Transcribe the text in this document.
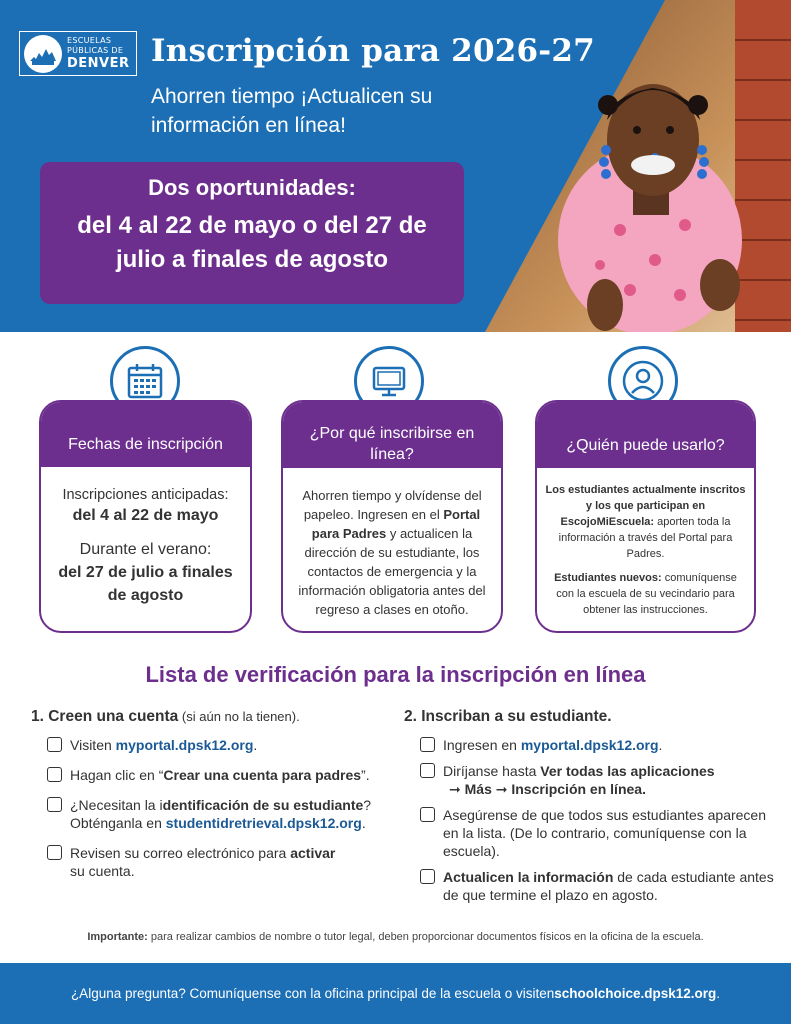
ESCUELAS
PÚBLICAS DE
DENVER Inscripción para 2026-27
Ahorren tiempo ¡Actualicen su información en línea!
Dos oportunidades:
del 4 al 22 de mayo o del 27 de julio a finales de agosto
Fechas de inscripción
Inscripciones anticipadas:
del 4 al 22 de mayo
Durante el verano:
del 27 de julio a finales de agosto
¿Por qué inscribirse en línea?
Ahorren tiempo y olvídense del papeleo. Ingresen en el Portal para Padres y actualicen la dirección de su estudiante, los contactos de emergencia y la información obligatoria antes del regreso a clases en otoño.
¿Quién puede usarlo?

Los estudiantes actualmente inscritos y los que participan en EscojoMiEscuela: aporten toda la información a través del Portal para Padres.

Estudiantes nuevos: comuníquense con la escuela de su vecindario para obtener las instrucciones.

Lista de verificación para la inscripción en línea
1. Creen una cuenta (si aún no la tienen).
Visiten myportal.dpsk12.org.
Hagan clic en “Crear una cuenta para padres”.
¿Necesitan la identificación de su estudiante?
Obténganla en studentidretrieval.dpsk12.org.
Revisen su correo electrónico para activar
su cuenta.
2. Inscriban a su estudiante.
Ingresen en myportal.dpsk12.org.
Diríjanse hasta Ver todas las aplicaciones
➞ Más ➞ Inscripción en línea.
Asegúrense de que todos sus estudiantes aparecen en la lista. (De lo contrario, comuníquense con la escuela).
Actualicen la información de cada estudiante antes de que termine el plazo en agosto.
Importante: para realizar cambios de nombre o tutor legal, deben proporcionar documentos físicos en la oficina de la escuela.
¿Alguna pregunta? Comuníquense con la oficina principal de la escuela o visiten schoolchoice.dpsk12.org .
